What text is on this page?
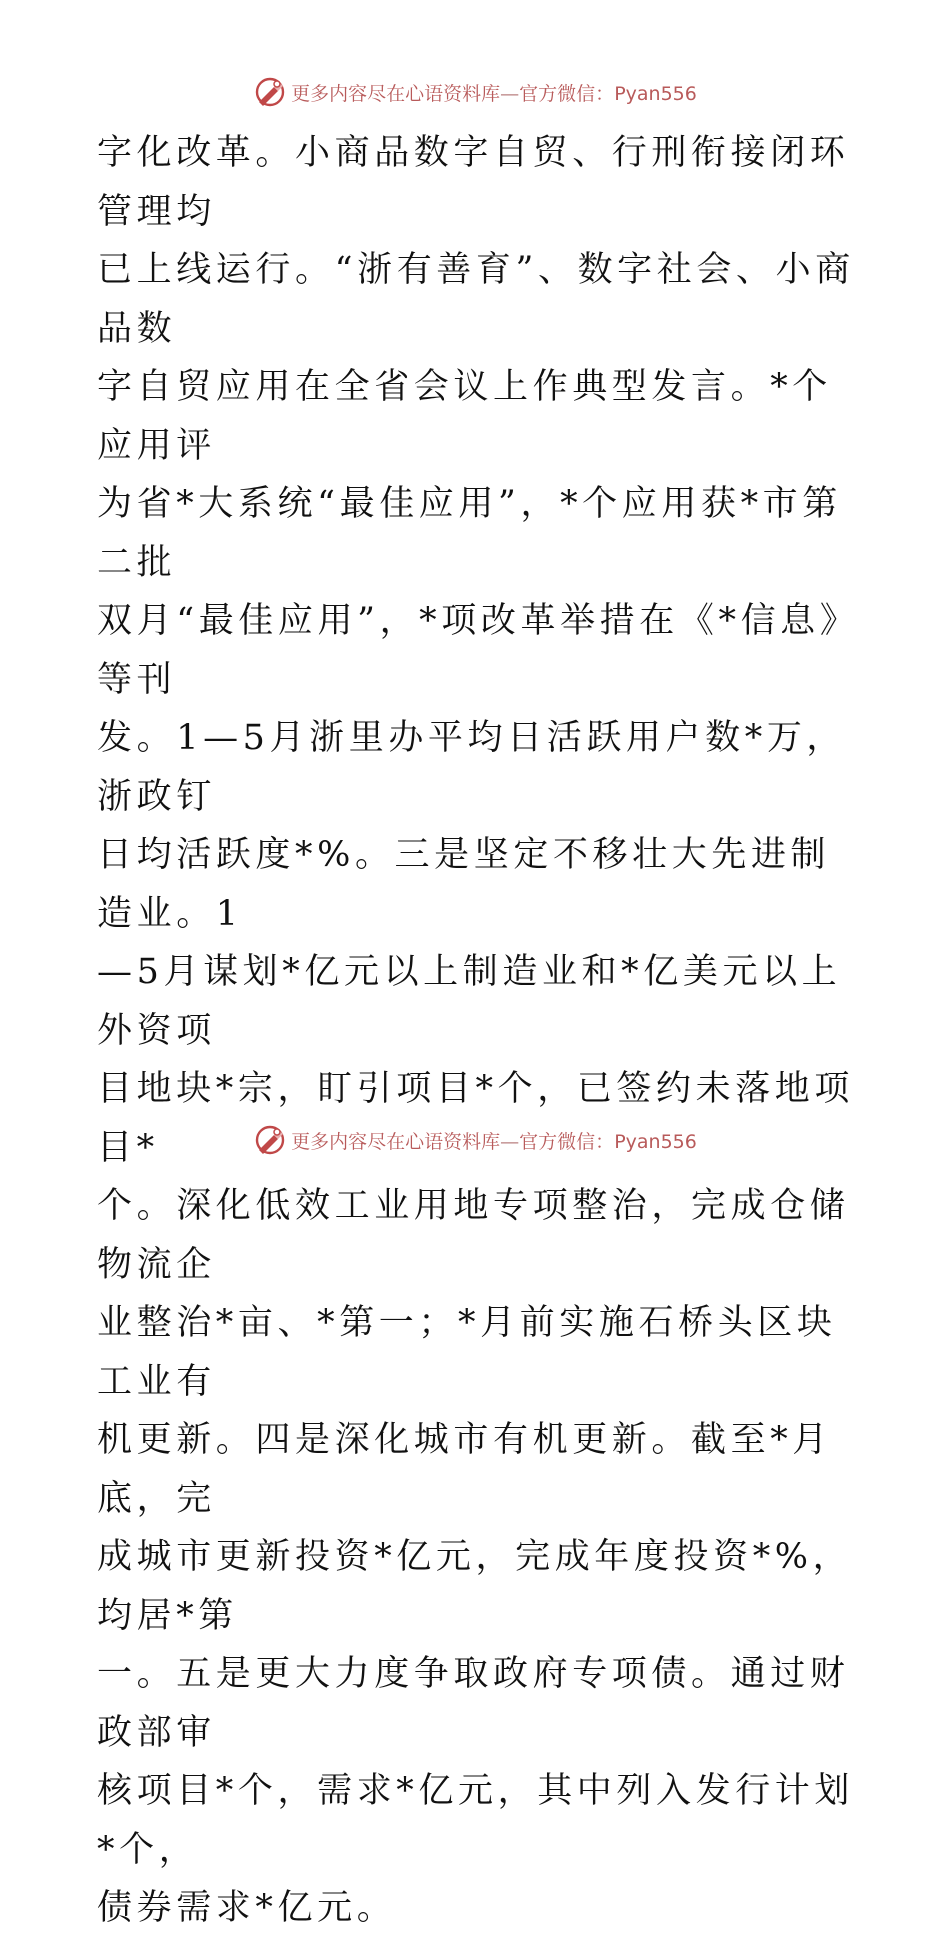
更多内容尽在心语资料库—官方微信：Pyan556
字化改革。小商品数字自贸、行刑衔接闭环管理均
已上线运行。“浙有善育”、数字社会、小商品数
字自贸应用在全省会议上作典型发言。*个应用评
为省*大系统“最佳应用”，*个应用获*市第二批
双月“最佳应用”，*项改革举措在《*信息》等刊
发。1—5月浙里办平均日活跃用户数*万，浙政钉
日均活跃度*%。三是坚定不移壮大先进制造业。1
—5月谋划*亿元以上制造业和*亿美元以上外资项
目地块*宗，盯引项目*个，已签约未落地项目*
个。深化低效工业用地专项整治，完成仓储物流企
业整治*亩、*第一；*月前实施石桥头区块工业有
机更新。四是深化城市有机更新。截至*月底，完
成城市更新投资*亿元，完成年度投资*%，均居*第
一。五是更大力度争取政府专项债。通过财政部审
核项目*个，需求*亿元，其中列入发行计划*个，
债券需求*亿元。
更多内容尽在心语资料库—官方微信：Pyan556
